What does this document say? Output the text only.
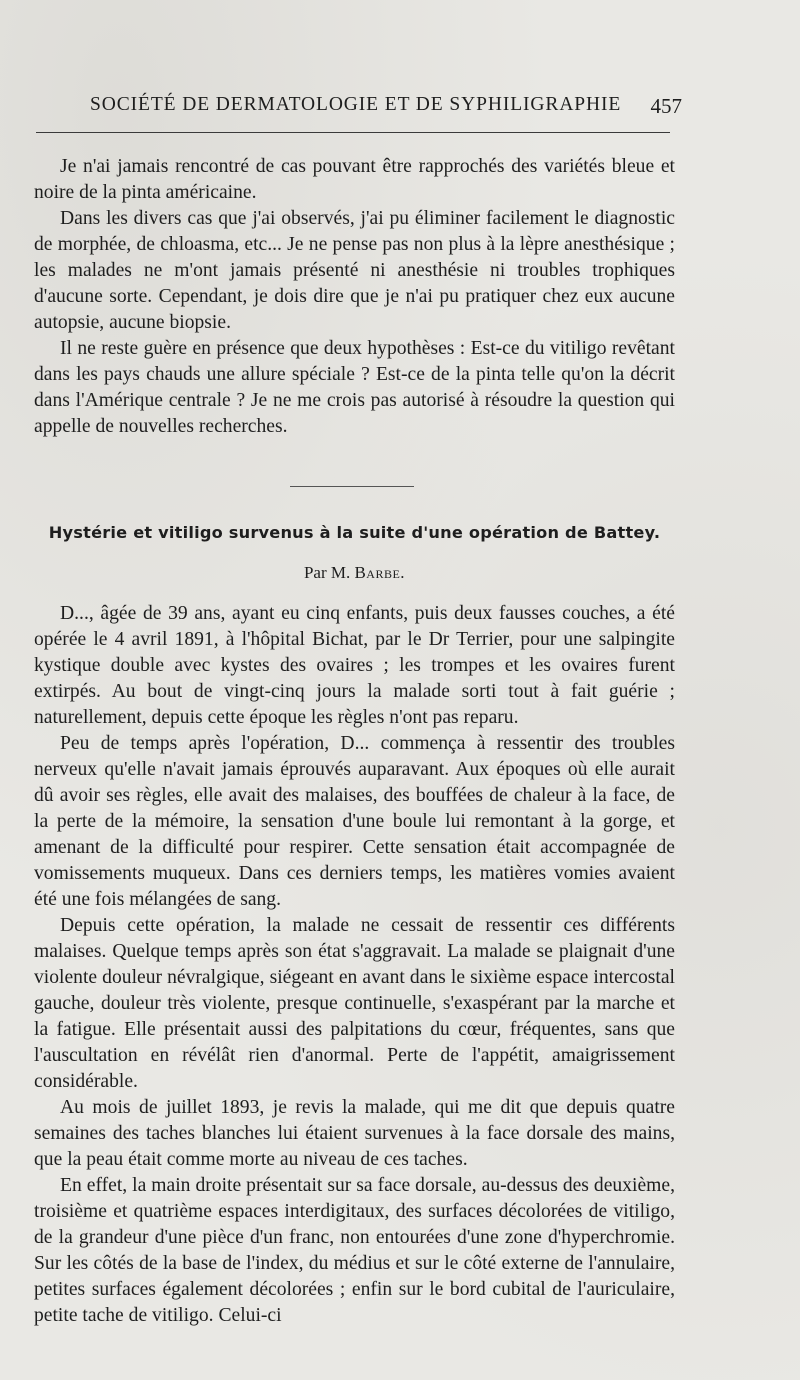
SOCIÉTÉ DE DERMATOLOGIE ET DE SYPHILIGRAPHIE 457

Je n'ai jamais rencontré de cas pouvant être rapprochés des variétés bleue et noire de la pinta américaine.

Dans les divers cas que j'ai observés, j'ai pu éliminer facilement le diagnostic de morphée, de chloasma, etc... Je ne pense pas non plus à la lèpre anesthésique ; les malades ne m'ont jamais présenté ni anesthésie ni troubles trophiques d'aucune sorte. Cependant, je dois dire que je n'ai pu pratiquer chez eux aucune autopsie, aucune biopsie.

Il ne reste guère en présence que deux hypothèses : Est-ce du vitiligo revêtant dans les pays chauds une allure spéciale ? Est-ce de la pinta telle qu'on la décrit dans l'Amérique centrale ? Je ne me crois pas autorisé à résoudre la question qui appelle de nouvelles recherches.

Hystérie et vitiligo survenus à la suite d'une opération de Battey.
Par M. Barbe.

D..., âgée de 39 ans, ayant eu cinq enfants, puis deux fausses couches, a été opérée le 4 avril 1891, à l'hôpital Bichat, par le Dr Terrier, pour une salpingite kystique double avec kystes des ovaires ; les trompes et les ovaires furent extirpés. Au bout de vingt-cinq jours la malade sorti tout à fait guérie ; naturellement, depuis cette époque les règles n'ont pas reparu.

Peu de temps après l'opération, D... commença à ressentir des troubles nerveux qu'elle n'avait jamais éprouvés auparavant. Aux époques où elle aurait dû avoir ses règles, elle avait des malaises, des bouffées de chaleur à la face, de la perte de la mémoire, la sensation d'une boule lui remontant à la gorge, et amenant de la difficulté pour respirer. Cette sensation était accompagnée de vomissements muqueux. Dans ces derniers temps, les matières vomies avaient été une fois mélangées de sang.

Depuis cette opération, la malade ne cessait de ressentir ces différents malaises. Quelque temps après son état s'aggravait. La malade se plaignait d'une violente douleur névralgique, siégeant en avant dans le sixième espace intercostal gauche, douleur très violente, presque continuelle, s'exaspérant par la marche et la fatigue. Elle présentait aussi des palpitations du cœur, fréquentes, sans que l'auscultation en révélât rien d'anormal. Perte de l'appétit, amaigrissement considérable.

Au mois de juillet 1893, je revis la malade, qui me dit que depuis quatre semaines des taches blanches lui étaient survenues à la face dorsale des mains, que la peau était comme morte au niveau de ces taches.

En effet, la main droite présentait sur sa face dorsale, au-dessus des deuxième, troisième et quatrième espaces interdigitaux, des surfaces décolorées de vitiligo, de la grandeur d'une pièce d'un franc, non entourées d'une zone d'hyperchromie. Sur les côtés de la base de l'index, du médius et sur le côté externe de l'annulaire, petites surfaces également décolorées ; enfin sur le bord cubital de l'auriculaire, petite tache de vitiligo. Celui-ci
